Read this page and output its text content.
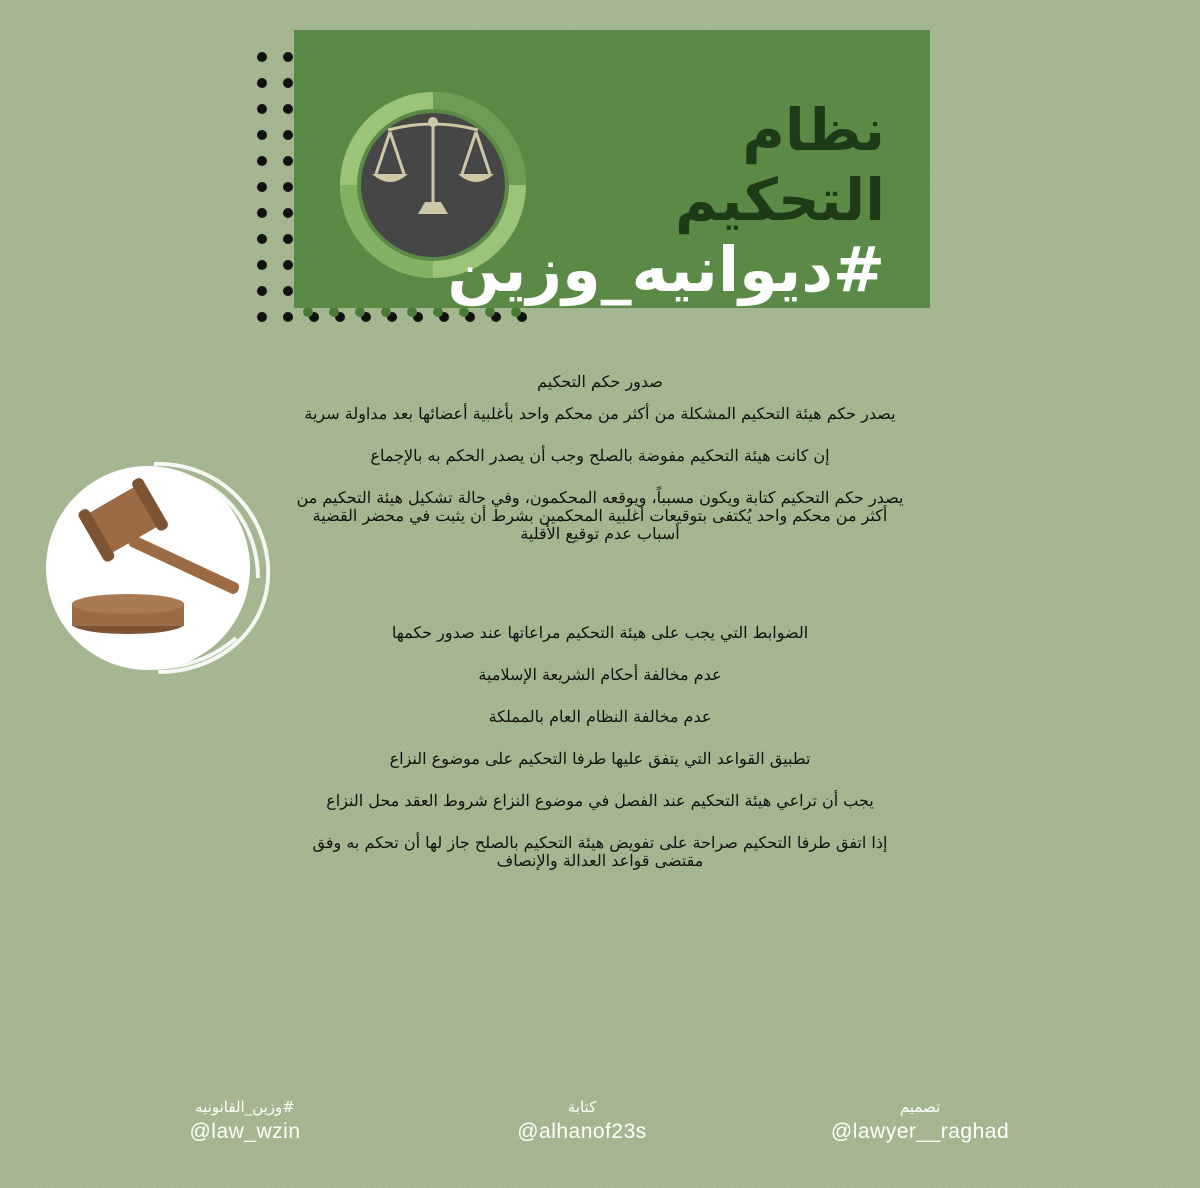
نظام التحكيم
#ديوانيه_وزين
صدور حكم التحكيم
يصدر حكم هيئة التحكيم المشكلة من أكثر من محكم واحد بأغلبية أعضائها بعد مداولة سرية
إن كانت هيئة التحكيم مفوضة بالصلح وجب أن يصدر الحكم به بالإجماع
يصدر حكم التحكيم كتابة ويكون مسبباً، ويوقعه المحكمون، وفي حالة تشكيل هيئة التحكيم من أكثر من محكم واحد يُكتفى بتوقيعات أغلبية المحكمين بشرط أن يثبت في محضر القضية أسباب عدم توقيع الأقلية
الضوابط التي يجب على هيئة التحكيم مراعاتها عند صدور حكمها
عدم مخالفة أحكام الشريعة الإسلامية
عدم مخالفة النظام العام بالمملكة
تطبيق القواعد التي يتفق عليها طرفا التحكيم على موضوع النزاع
يجب أن تراعي هيئة التحكيم عند الفصل في موضوع النزاع شروط العقد محل النزاع
إذا اتفق طرفا التحكيم صراحة على تفويض هيئة التحكيم بالصلح جاز لها أن تحكم به وفق مقتضى قواعد العدالة والإنصاف
#وزين_القانونيه
@law_wzin
كتابة
@alhanof23s
تصميم
@lawyer__raghad
